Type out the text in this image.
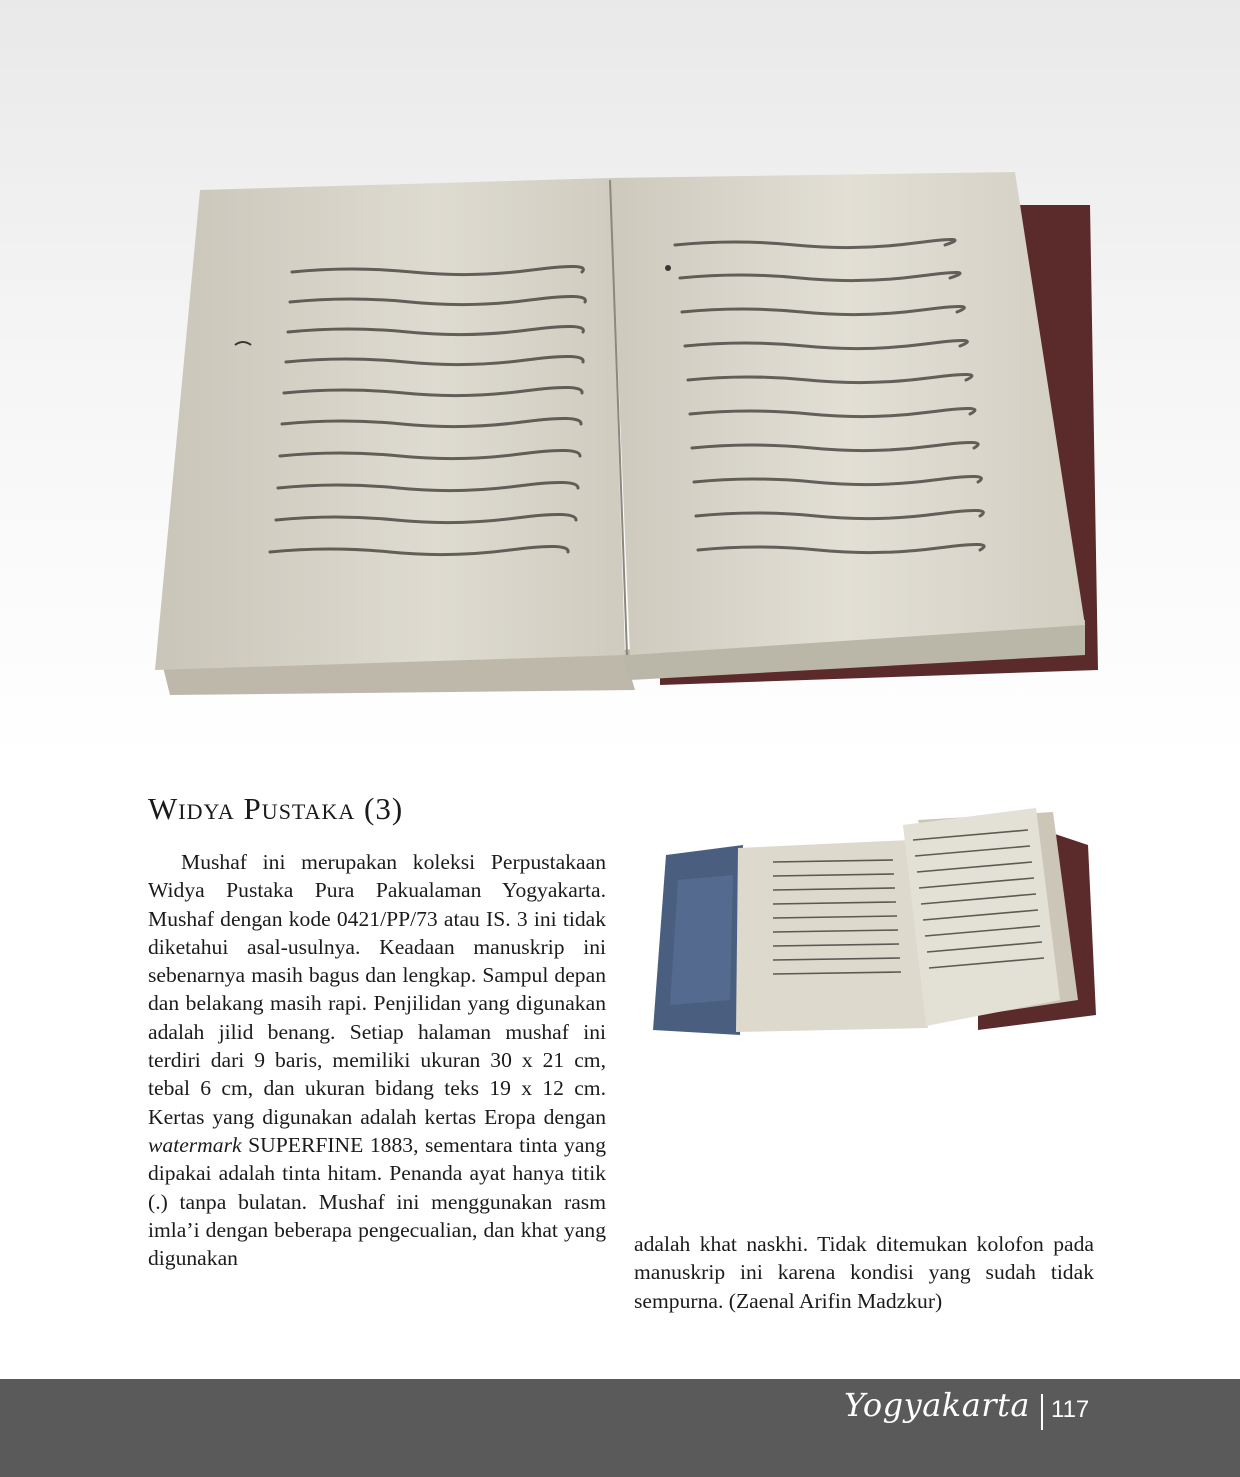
Widya Pustaka (3)

Mushaf ini merupakan koleksi Perpustakaan Widya Pustaka Pura Pakualaman Yogyakarta. Mushaf dengan kode 0421/PP/73 atau IS. 3 ini tidak diketahui asal-usulnya. Keadaan manuskrip ini sebenarnya masih bagus dan lengkap. Sampul depan dan belakang masih rapi. Penjilidan yang digunakan adalah jilid benang. Setiap halaman mushaf ini terdiri dari 9 baris, memiliki ukuran 30 x 21 cm, tebal 6 cm, dan ukuran bidang teks 19 x 12 cm. Kertas yang digunakan adalah kertas Eropa dengan watermark SUPERFINE 1883, sementara tinta yang dipakai adalah tinta hitam. Penanda ayat hanya titik (.) tanpa bulatan. Mushaf ini menggunakan rasm imla’i dengan beberapa pengecualian, dan khat yang digunakan

adalah khat naskhi. Tidak ditemukan kolofon pada manuskrip ini karena kondisi yang sudah tidak sempurna. (Zaenal Arifin Madzkur)

Yogyakarta 117
